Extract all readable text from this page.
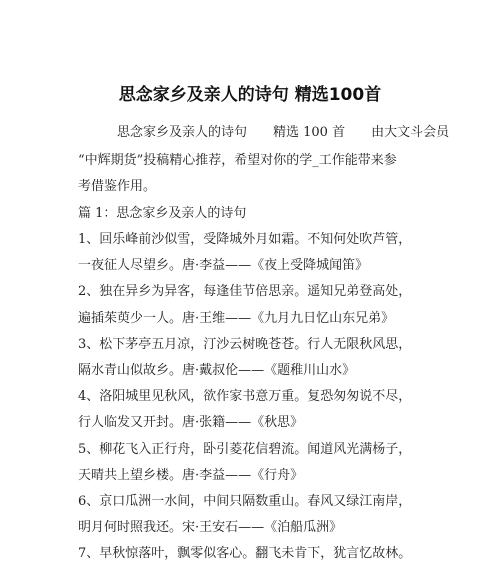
思念家乡及亲人的诗句 精选100首
　　　思念家乡及亲人的诗句　　精选 100 首　　由大文斗会员
“中辉期货”投稿精心推荐，希望对你的学_工作能带来参
考借鉴作用。
篇 1：思念家乡及亲人的诗句
1、回乐峰前沙似雪，受降城外月如霜。不知何处吹芦管，
一夜征人尽望乡。唐·李益——《夜上受降城闻笛》
2、独在异乡为异客，每逢佳节倍思亲。遥知兄弟登高处，
遍插茱萸少一人。唐·王维——《九月九日忆山东兄弟》
3、松下茅亭五月凉，汀沙云树晚苍苍。行人无限秋风思，
隔水青山似故乡。唐·戴叔伦——《题稚川山水》
4、洛阳城里见秋风，欲作家书意万重。复恐匆匆说不尽，
行人临发又开封。唐·张籍——《秋思》
5、柳花飞入正行舟，卧引菱花信碧流。闻道风光满杨子，
天晴共上望乡楼。唐·李益——《行舟》
6、京口瓜洲一水间，中间只隔数重山。春风又绿江南岸，
明月何时照我还。宋·王安石——《泊船瓜洲》
7、早秋惊落叶，飘零似客心。翻飞未肯下，犹言忆故林。
